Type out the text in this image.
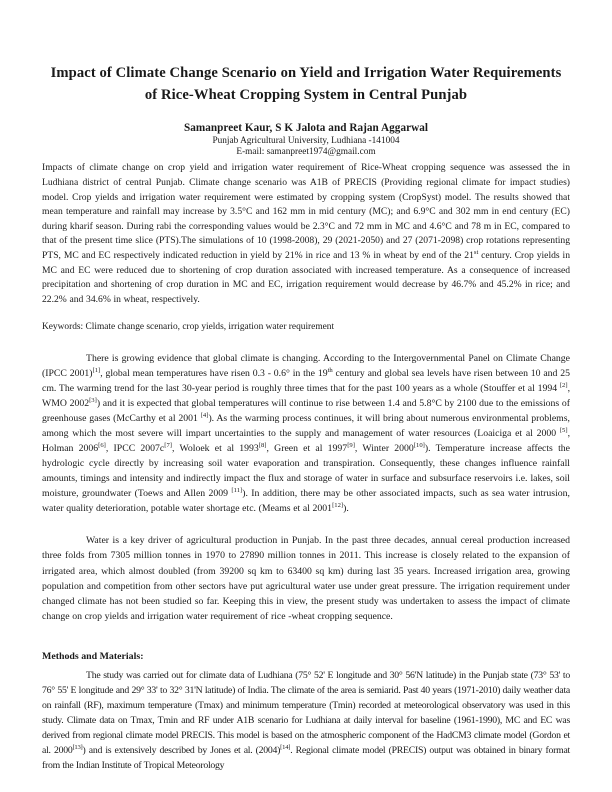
Impact of Climate Change Scenario on Yield and Irrigation Water Requirements of Rice-Wheat Cropping System in Central Punjab
Samanpreet Kaur, S K Jalota and Rajan Aggarwal
Punjab Agricultural University, Ludhiana -141004
E-mail: samanpreet1974@gmail.com

Impacts of climate change on crop yield and irrigation water requirement of Rice-Wheat cropping sequence was assessed the in Ludhiana district of central Punjab. Climate change scenario was A1B of PRECIS (Providing regional climate for impact studies) model. Crop yields and irrigation water requirement were estimated by cropping system (CropSyst) model. The results showed that mean temperature and rainfall may increase by 3.5°C and 162 mm in mid century (MC); and 6.9°C and 302 mm in end century (EC) during kharif season. During rabi the corresponding values would be 2.3°C and 72 mm in MC and 4.6°C and 78 m in EC, compared to that of the present time slice (PTS).The simulations of 10 (1998-2008), 29 (2021-2050) and 27 (2071-2098) crop rotations representing PTS, MC and EC respectively indicated reduction in yield by 21% in rice and 13 % in wheat by end of the 21st century. Crop yields in MC and EC were reduced due to shortening of crop duration associated with increased temperature. As a consequence of increased precipitation and shortening of crop duration in MC and EC, irrigation requirement would decrease by 46.7% and 45.2% in rice; and 22.2% and 34.6% in wheat, respectively.

Keywords: Climate change scenario, crop yields, irrigation water requirement

There is growing evidence that global climate is changing. According to the Intergovernmental Panel on Climate Change (IPCC 2001)[1], global mean temperatures have risen 0.3 - 0.6° in the 19th century and global sea levels have risen between 10 and 25 cm. The warming trend for the last 30-year period is roughly three times that for the past 100 years as a whole (Stouffer et al 1994 [2], WMO 2002[3]) and it is expected that global temperatures will continue to rise between 1.4 and 5.8°C by 2100 due to the emissions of greenhouse gases (McCarthy et al 2001 [4]). As the warming process continues, it will bring about numerous environmental problems, among which the most severe will impart uncertainties to the supply and management of water resources (Loaiciga et al 2000 [5], Holman 2006[6], IPCC 2007c[7], Woloek et al 1993[8], Green et al 1997[9], Winter 2000[10]). Temperature increase affects the hydrologic cycle directly by increasing soil water evaporation and transpiration. Consequently, these changes influence rainfall amounts, timings and intensity and indirectly impact the flux and storage of water in surface and subsurface reservoirs i.e. lakes, soil moisture, groundwater (Toews and Allen 2009 [11]). In addition, there may be other associated impacts, such as sea water intrusion, water quality deterioration, potable water shortage etc. (Meams et al 2001[12]).

Water is a key driver of agricultural production in Punjab. In the past three decades, annual cereal production increased three folds from 7305 million tonnes in 1970 to 27890 million tonnes in 2011. This increase is closely related to the expansion of irrigated area, which almost doubled (from 39200 sq km to 63400 sq km) during last 35 years. Increased irrigation area, growing population and competition from other sectors have put agricultural water use under great pressure. The irrigation requirement under changed climate has not been studied so far. Keeping this in view, the present study was undertaken to assess the impact of climate change on crop yields and irrigation water requirement of rice -wheat cropping sequence.

Methods and Materials:

The study was carried out for climate data of Ludhiana (75° 52' E longitude and 30° 56'N latitude) in the Punjab state (73° 53' to 76° 55' E longitude and 29° 33' to 32° 31'N latitude) of India. The climate of the area is semiarid. Past 40 years (1971-2010) daily weather data on rainfall (RF), maximum temperature (Tmax) and minimum temperature (Tmin) recorded at meteorological observatory was used in this study. Climate data on Tmax, Tmin and RF under A1B scenario for Ludhiana at daily interval for baseline (1961-1990), MC and EC was derived from regional climate model PRECIS. This model is based on the atmospheric component of the HadCM3 climate model (Gordon et al. 2000[13]) and is extensively described by Jones et al. (2004)[14]. Regional climate model (PRECIS) output was obtained in binary format from the Indian Institute of Tropical Meteorology
